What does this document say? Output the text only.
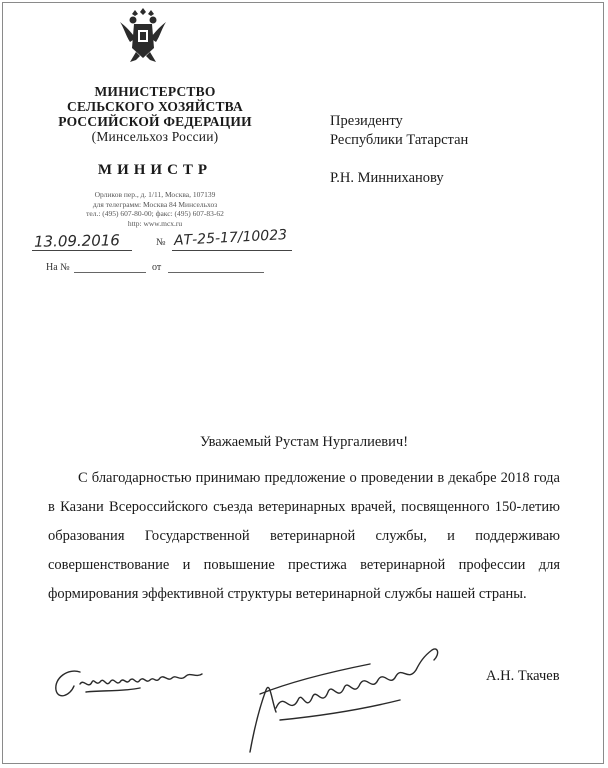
МИНИСТЕРСТВО
СЕЛЬСКОГО ХОЗЯЙСТВА
РОССИЙСКОЙ ФЕДЕРАЦИИ
(Минсельхоз России)
МИНИСТР
Орликов пер., д. 1/11, Москва, 107139
для телеграмм: Москва 84 Минсельхоз
тел.: (495) 607-80-00; факс: (495) 607-83-62
http: www.mcx.ru
13.09.2016	№ АТ-25-17/10023
На №	от
Президенту
Республики Татарстан
Р.Н. Минниханову
Уважаемый Рустам Нургалиевич!
С благодарностью принимаю предложение о проведении в декабре 2018 года в Казани Всероссийского съезда ветеринарных врачей, посвященного 150-летию образования Государственной ветеринарной службы, и поддерживаю совершенствование и повышение престижа ветеринарной профессии для формирования эффективной структуры ветеринарной службы нашей страны.
А.Н. Ткачев
